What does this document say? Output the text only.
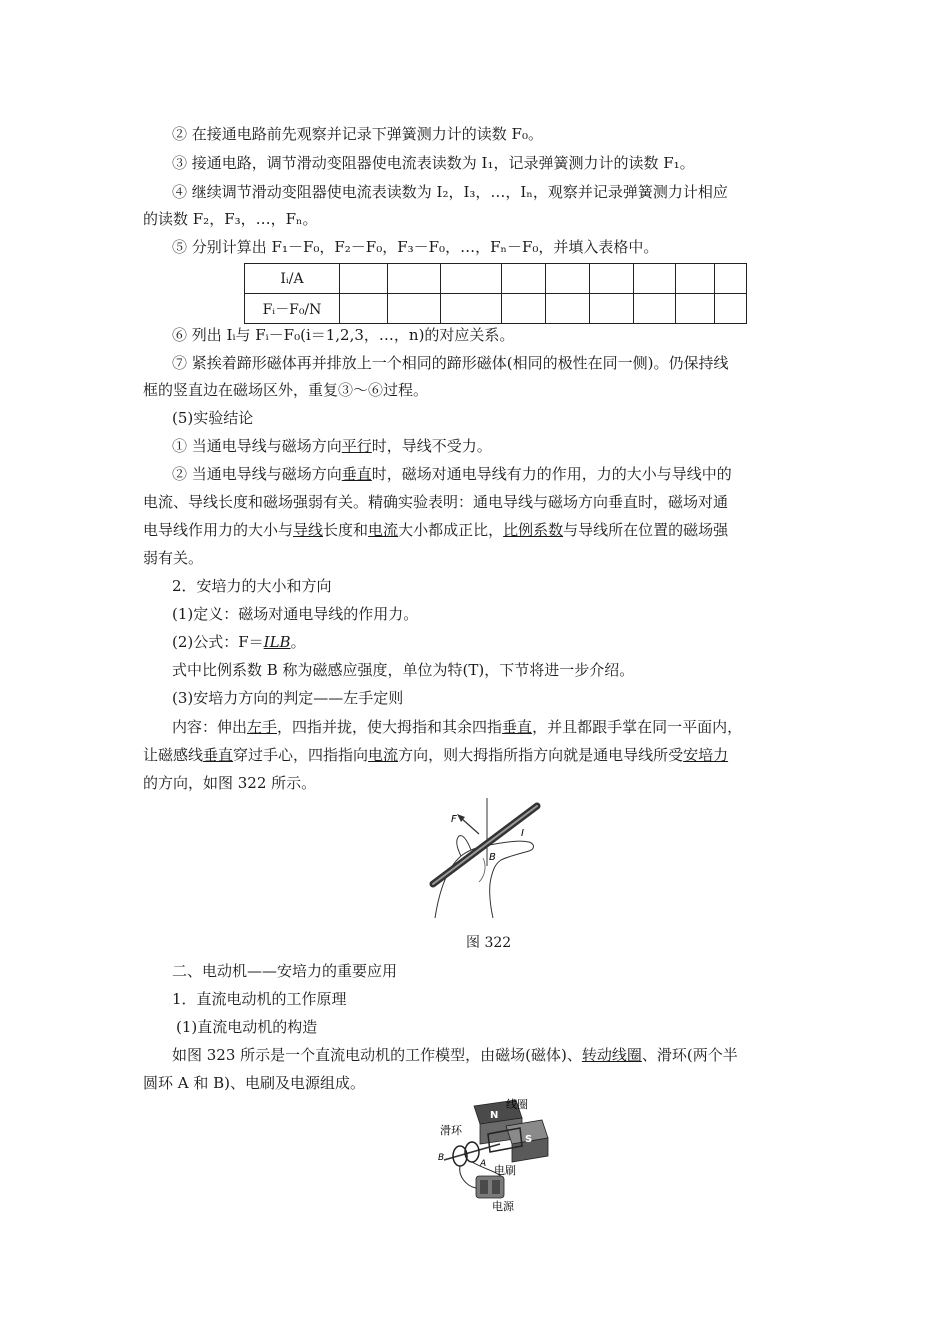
② 在接通电路前先观察并记录下弹簧测力计的读数 F₀。
③ 接通电路，调节滑动变阻器使电流表读数为 I₁，记录弹簧测力计的读数 F₁。
④ 继续调节滑动变阻器使电流表读数为 I₂，I₃，…，Iₙ，观察并记录弹簧测力计相应
的读数 F₂，F₃，…，Fₙ。
⑤ 分别计算出 F₁－F₀，F₂－F₀，F₃－F₀，…，Fₙ－F₀，并填入表格中。
Iᵢ/A									
Fᵢ－F₀/N									
⑥ 列出 Iᵢ与 Fᵢ－F₀(i＝1,2,3，…，n)的对应关系。
⑦ 紧挨着蹄形磁体再并排放上一个相同的蹄形磁体(相同的极性在同一侧)。仍保持线
框的竖直边在磁场区外，重复③～⑥过程。
(5)实验结论
① 当通电导线与磁场方向平行时，导线不受力。
② 当通电导线与磁场方向垂直时，磁场对通电导线有力的作用，力的大小与导线中的
电流、导线长度和磁场强弱有关。精确实验表明：通电导线与磁场方向垂直时，磁场对通
电导线作用力的大小与导线长度和电流大小都成正比，比例系数与导线所在位置的磁场强
弱有关。
2．安培力的大小和方向
(1)定义：磁场对通电导线的作用力。
(2)公式：F＝ILB。
式中比例系数 B 称为磁感应强度，单位为特(T)，下节将进一步介绍。
(3)安培力方向的判定——左手定则
内容：伸出左手，四指并拢，使大拇指和其余四指垂直，并且都跟手掌在同一平面内，
让磁感线垂直穿过手心，四指指向电流方向，则大拇指所指方向就是通电导线所受安培力
的方向，如图 322 所示。
F
B
I
图 322
二、电动机——安培力的重要应用
1．直流电动机的工作原理
(1)直流电动机的构造
如图 323 所示是一个直流电动机的工作模型，由磁场(磁体)、转动线圈、滑环(两个半
圆环 A 和 B)、电刷及电源组成。
N
S
B
A
线圈
滑环
电刷
电源
